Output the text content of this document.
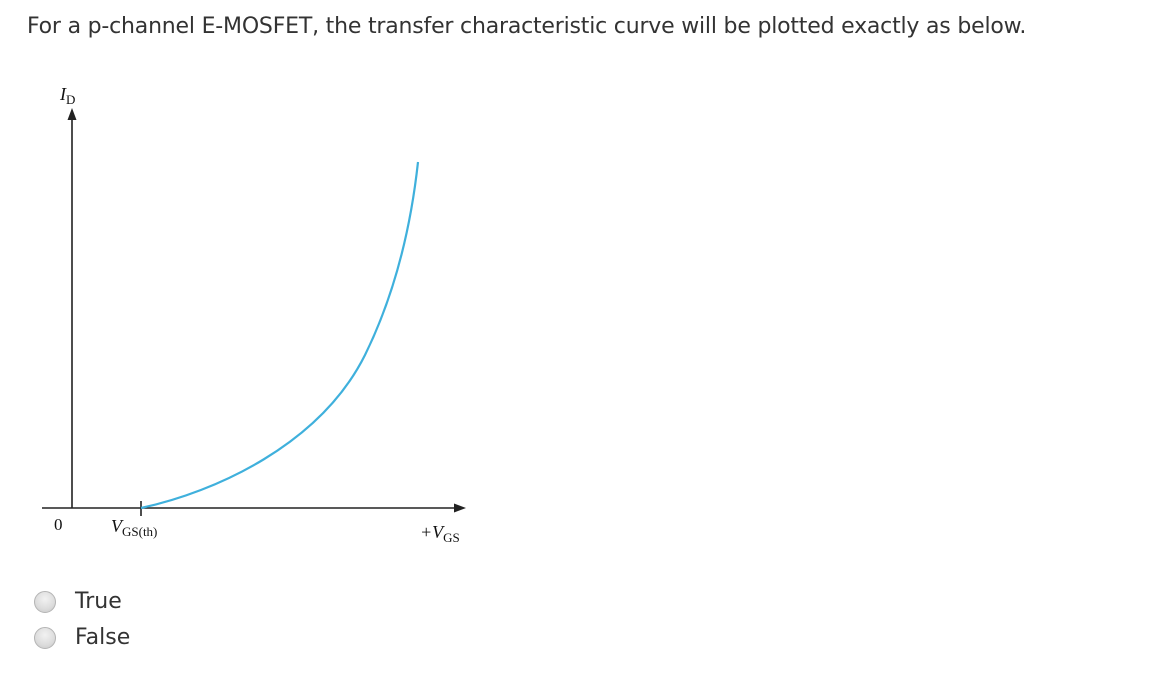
For a p-channel E-MOSFET, the transfer characteristic curve will be plotted exactly as below.
$I_D$
0	$V_{GS(th)}$	$+V_{GS}$
True
False
